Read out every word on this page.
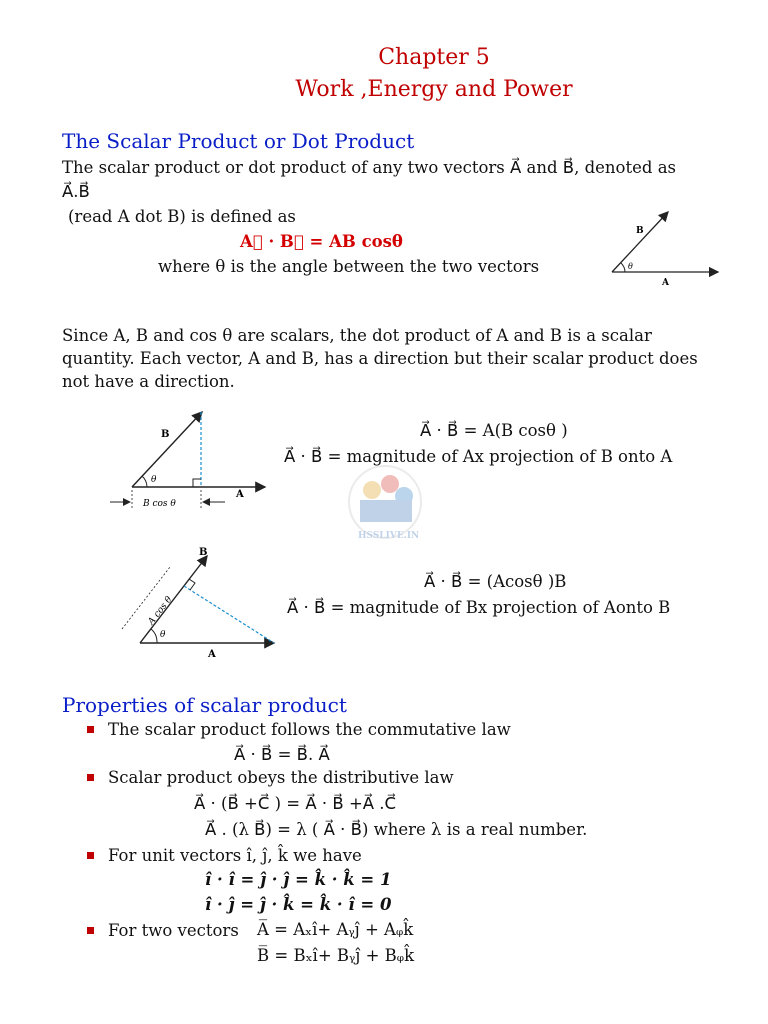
Chapter 5
Work ,Energy and Power
The Scalar Product or Dot Product
The scalar product or dot product of any two vectors A⃗ and B⃗, denoted as
A⃗.B⃗
(read A dot B) is defined as
A⃗ · B⃗ = AB cosθ
where θ is the angle between the two vectors
B
θ
A
Since A, B and cos θ are scalars, the dot product of A and B is a scalar quantity. Each vector, A and B, has a direction but their scalar product does not have a direction.
B
θ
A
B cos θ
A⃗ · B⃗ = A(B cosθ )
A⃗ · B⃗ = magnitude of Ax projection of B onto A
HSSLIVE.IN
B
θ
A
A cos θ
A⃗ · B⃗ = (Acosθ )B
A⃗ · B⃗ = magnitude of Bx projection of Aonto B
Properties of scalar product
The scalar product follows the commutative law
A⃗ · B⃗ = B⃗. A⃗
Scalar product obeys the distributive law
A⃗ · (B⃗ +C⃗ ) = A⃗ · B⃗ +A⃗ .C⃗
A⃗ . (λ B⃗) = λ ( A⃗ · B⃗) where λ is a real number.
For unit vectors ı̂, ȷ̂, k̂ we have
ı̂ · ı̂ = ȷ̂ · ȷ̂ = k̂ · k̂ = 1
ı̂ · ȷ̂ = ȷ̂ · k̂ = k̂ · ı̂ = 0
For two vectors A̅ = Aₓı̂+ Aᵧȷ̂ + Aᵩk̂
B̅ = Bₓı̂+ Bᵧȷ̂ + Bᵩk̂
